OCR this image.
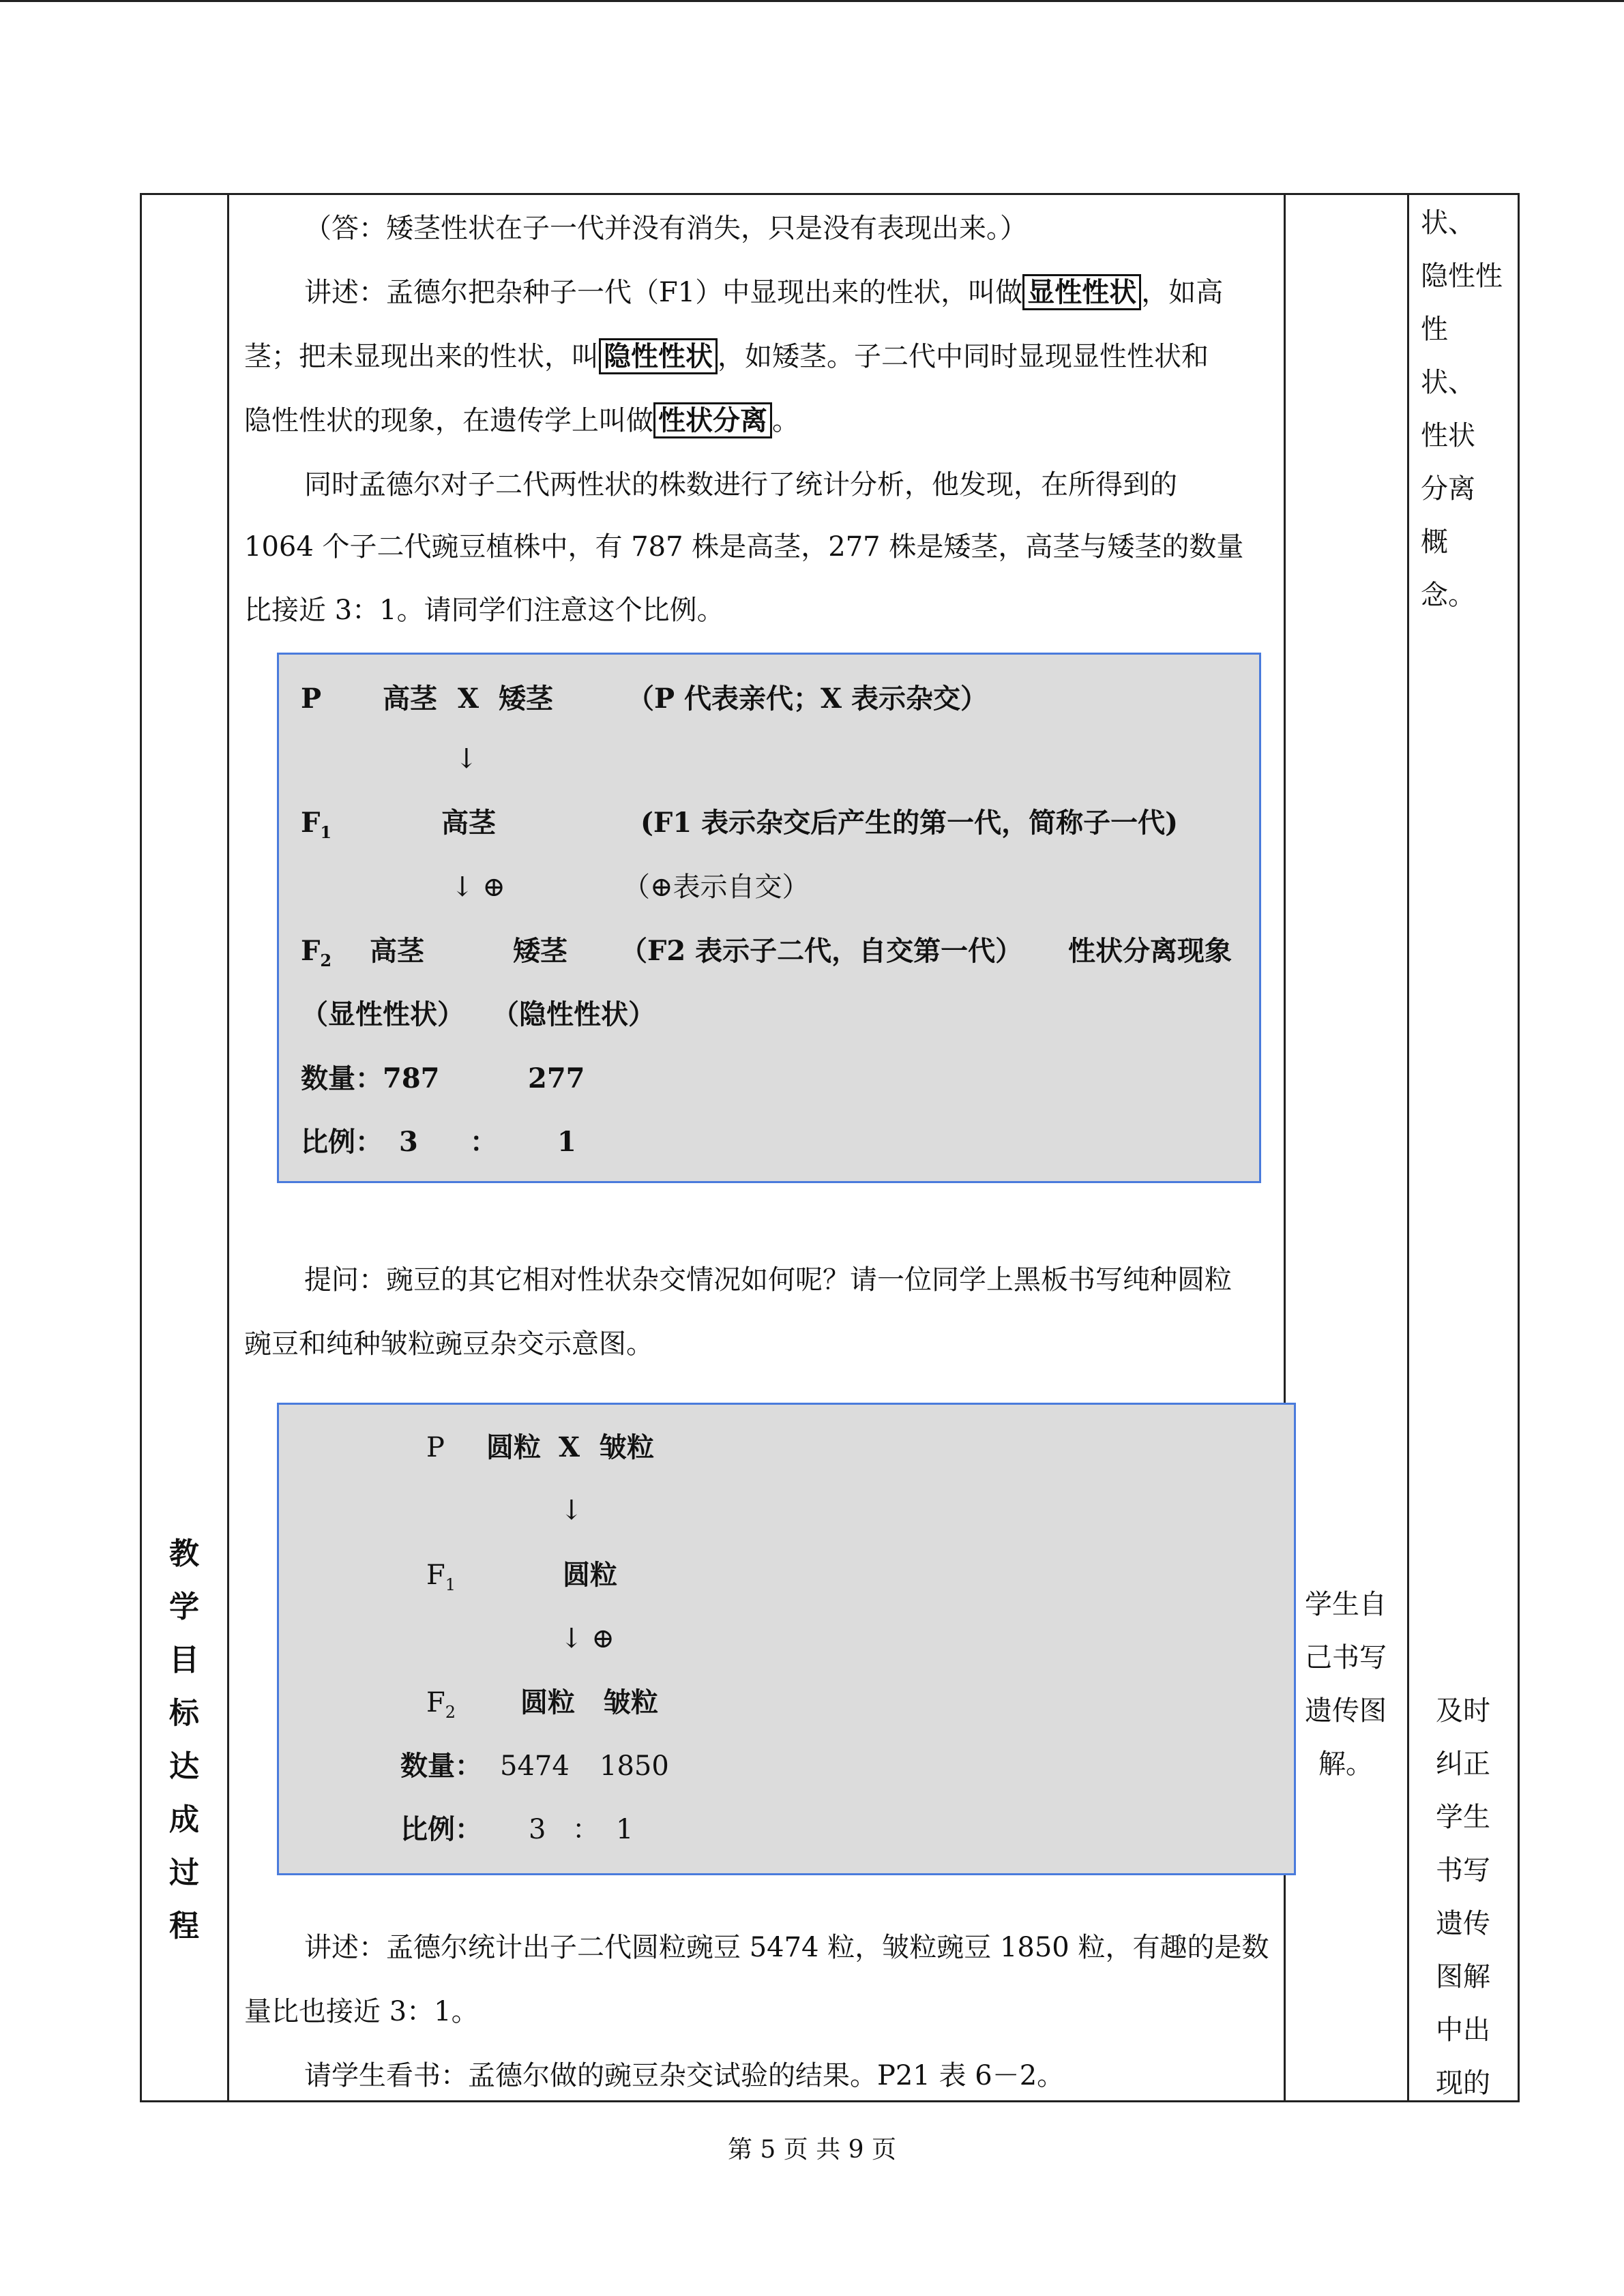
教
学
目
标
达
成
过
程
（答：矮茎性状在子一代并没有消失，只是没有表现出来。）
讲述：孟德尔把杂种子一代（F1）中显现出来的性状，叫做 显性性状 ，如高
茎；把未显现出来的性状，叫 隐性性状 ，如矮茎。子二代中同时显现显性性状和
隐性性状的现象，在遗传学上叫做 性状分离 。
同时孟德尔对子二代两性状的株数进行了统计分析，他发现，在所得到的
1064 个子二代豌豆植株中，有 787 株是高茎，277 株是矮茎，高茎与矮茎的数量
比接近 3：1。请同学们注意这个比例。
P 高茎 X 矮茎	（P 代表亲代；X 表示杂交）
↓
$F_1$	高茎	(F1 表示杂交后产生的第一代，简称子一代)
↓ ⊕	（⊕表示自交）
$F_2$ 高茎	矮茎 （F2 表示子二代，自交第一代） 性状分离现象
（显性性状） （隐性性状）
数量：787	277
比例： 3 ： 1
提问：豌豆的其它相对性状杂交情况如何呢？请一位同学上黑板书写纯种圆粒
豌豆和纯种皱粒豌豆杂交示意图。
P 圆粒 X 皱粒
↓
$F_1$	圆粒
↓ ⊕
$F_2$ 圆粒 皱粒
数量： 5474 1850
比例： 3 ： 1
讲述：孟德尔统计出子二代圆粒豌豆 5474 粒，皱粒豌豆 1850 粒，有趣的是数
量比也接近 3：1。
请学生看书：孟德尔做的豌豆杂交试验的结果。P21 表 6－2。
学生自
己书写
遗传图
解。
状、
隐性性
性
状、
性状
分离
概
念。
及时
纠正
学生
书写
遗传
图解
中出
现的
第 5 页 共 9 页
